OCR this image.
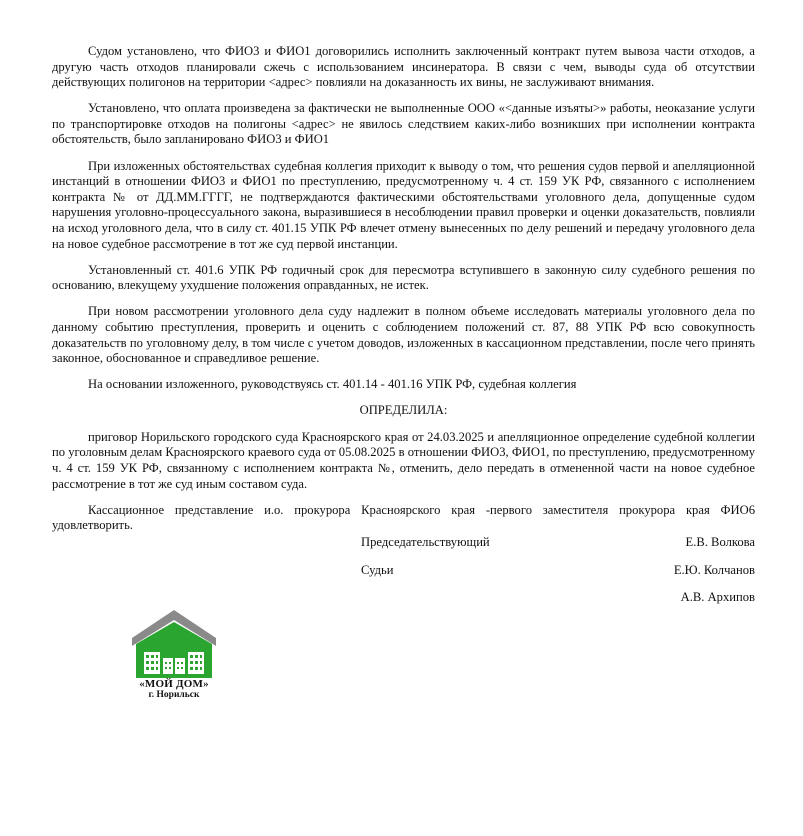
Судом установлено, что ФИО3 и ФИО1 договорились исполнить заключенный контракт путем вывоза части отходов, а другую часть отходов планировали сжечь с использованием инсинератора. В связи с чем, выводы суда об отсутствии действующих полигонов на территории <адрес> повлияли на доказанность их вины, не заслуживают внимания.

Установлено, что оплата произведена за фактически не выполненные ООО «<данные изъяты>» работы, неоказание услуги по транспортировке отходов на полигоны <адрес> не явилось следствием каких-либо возникших при исполнении контракта обстоятельств, было запланировано ФИО3 и ФИО1

При изложенных обстоятельствах судебная коллегия приходит к выводу о том, что решения судов первой и апелляционной инстанций в отношении ФИО3 и ФИО1 по преступлению, предусмотренному ч. 4 ст. 159 УК РФ, связанного с исполнением контракта № от ДД.ММ.ГГГГ, не подтверждаются фактическими обстоятельствами уголовного дела, допущенные судом нарушения уголовно-процессуального закона, выразившиеся в несоблюдении правил проверки и оценки доказательств, повлияли на исход уголовного дела, что в силу ст. 401.15 УПК РФ влечет отмену вынесенных по делу решений и передачу уголовного дела на новое судебное рассмотрение в тот же суд первой инстанции.

Установленный ст. 401.6 УПК РФ годичный срок для пересмотра вступившего в законную силу судебного решения по основанию, влекущему ухудшение положения оправданных, не истек.

При новом рассмотрении уголовного дела суду надлежит в полном объеме исследовать материалы уголовного дела по данному событию преступления, проверить и оценить с соблюдением положений ст. 87, 88 УПК РФ всю совокупность доказательств по уголовному делу, в том числе с учетом доводов, изложенных в кассационном представлении, после чего принять законное, обоснованное и справедливое решение.

На основании изложенного, руководствуясь ст. 401.14 - 401.16 УПК РФ, судебная коллегия

ОПРЕДЕЛИЛА:

приговор Норильского городского суда Красноярского края от 24.03.2025 и апелляционное определение судебной коллегии по уголовным делам Красноярского краевого суда от 05.08.2025 в отношении ФИО3, ФИО1, по преступлению, предусмотренному ч. 4 ст. 159 УК РФ, связанному с исполнением контракта №, отменить, дело передать в отмененной части на новое судебное рассмотрение в тот же суд иным составом суда.

Кассационное представление и.о. прокурора Красноярского края -первого заместителя прокурора края ФИО6 удовлетворить.

Председательствующий	Е.В. Волкова
Судьи	Е.Ю. Колчанов
А.В. Архипов
«МОЙ ДОМ»
г. Норильск
